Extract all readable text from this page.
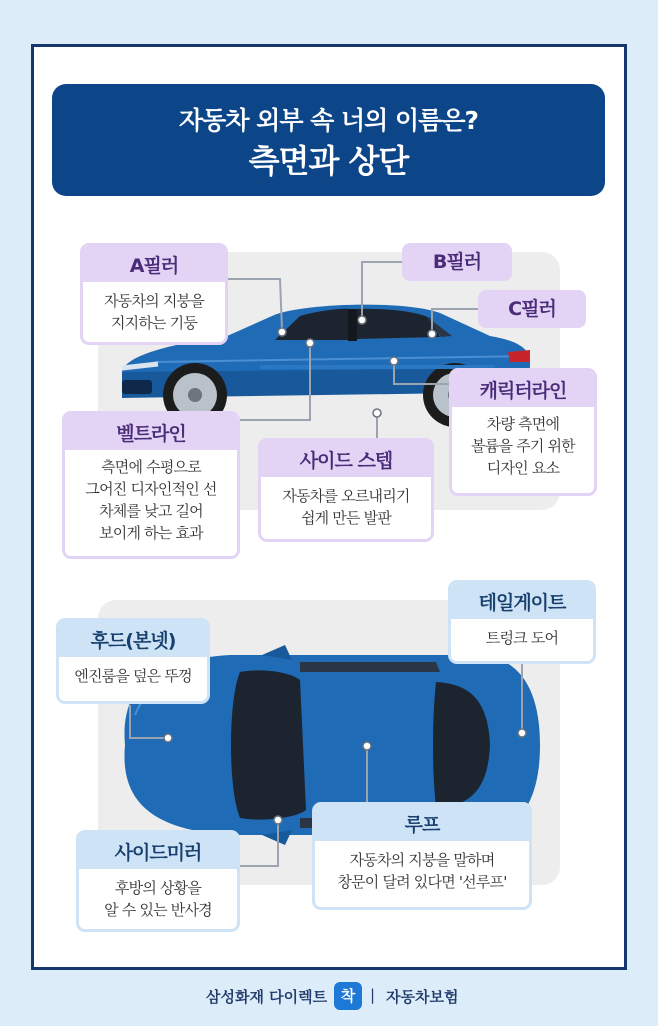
자동차 외부 속 너의 이름은?
측면과 상단
A필러
자동차의 지붕을
지지하는 기둥
B필러
C필러
캐릭터라인
차량 측면에
볼륨을 주기 위한
디자인 요소
벨트라인
측면에 수평으로
그어진 디자인적인 선
차체를 낮고 길어
보이게 하는 효과
사이드 스텝
자동차를 오르내리기
쉽게 만든 발판
후드(본넷)
엔진룸을 덮은 뚜껑
테일게이트
트렁크 도어
사이드미러
후방의 상황을
알 수 있는 반사경
루프
자동차의 지붕을 말하며
창문이 달려 있다면 '선루프'
삼성화재 다이렉트 착 | 자동차보험
